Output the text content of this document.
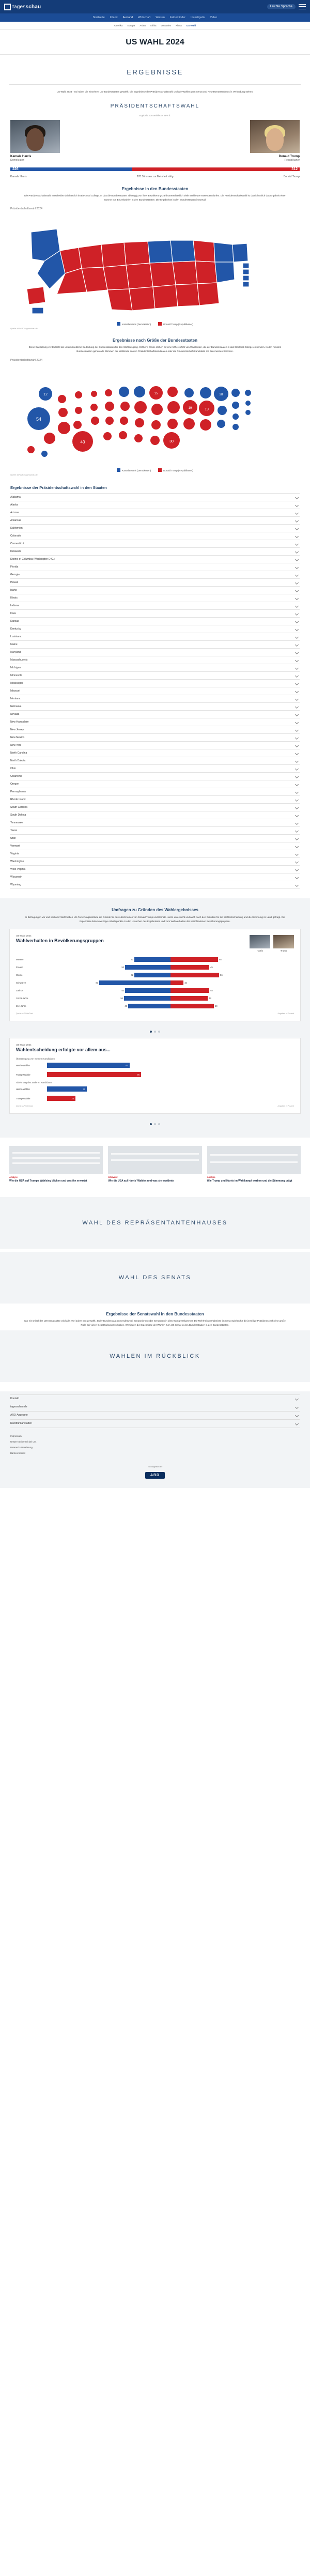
tagesschau	Leichte Sprache
Startseite Inland Ausland Wirtschaft Wissen Faktenfinder Investigativ Video
Amerika Europa Asien Afrika Ozeanien Klima US-Wahl
US WAHL 2024
ERGEBNISSE
US-Wahl 2024 - So haben die einzelnen US-Bundesstaaten gewählt: Die Ergebnisse der Präsidentschaftswahl und wie Wahlen zum Senat und Repräsentantenhaus in Verbindung stehen.
PRÄSIDENTSCHAFTSWAHL
Ergebnis, 538 Wahlleute, 88% d.
Kamala Harris
Demokraten
Donald Trump
Republikaner
226	312
Kamala Harris	270 Stimmen zur Mehrheit nötig	Donald Trump
Ergebnisse in den Bundesstaaten
Die Präsidentschaftswahl entscheidet sich letztlich im Electoral College. In das die Bundesstaaten abhängig von ihrer Bevölkerungszahl unterschiedlich viele Wahlleute entsenden dürfen. Die Präsidentschaftswahl ist damit letztlich das Ergebnis einer Summe von Einzelwahlen in den Bundesstaaten. Die Ergebnisse in den Bundesstaaten im Detail:
Präsidentschaftswahl 2024
Kamala Harris (Demokraten)	Donald Trump (Republikaner)
Quelle: AP/ARD/tagesschau.de
Ergebnisse nach Größe der Bundesstaaten
Diese Darstellung verdeutlicht die unterschiedliche Bedeutung der Bundesstaaten für den Wahlausgang. Größere Kreise stehen für eine höhere Zahl von Wahlleuten, die der Bundesstaaten in das Electoral College entsenden. In den meisten Bundesstaaten gehen alle Stimmen der Wahlleute an den Präsidentschaftskandidaten oder die Präsidentschaftskandidatin mit den meisten Stimmen.
Präsidentschaftswahl 2024
12
54
40
15
30
19	19
28
Kamala Harris (Demokraten)	Donald Trump (Republikaner)
Quelle: AP/ARD/tagesschau.de
Ergebnisse der Präsidentschaftswahl in den Staaten
Alabama
Alaska
Arizona
Arkansas
Kalifornien
Colorado
Connecticut
Delaware
District of Columbia (Washington D.C.)
Florida
Georgia
Hawaii
Idaho
Illinois
Indiana
Iowa
Kansas
Kentucky
Louisiana
Maine
Maryland
Massachusetts
Michigan
Minnesota
Mississippi
Missouri
Montana
Nebraska
Nevada
New Hampshire
New Jersey
New Mexico
New York
North Carolina
North Dakota
Ohio
Oklahoma
Oregon
Pennsylvania
Rhode Island
South Carolina
South Dakota
Tennessee
Texas
Utah
Vermont
Virginia
Washington
West Virginia
Wisconsin
Wyoming
Umfragen zu Gründen des Wahlergebnisses
In Befragungen vor und nach der Wahl haben US-Forschungsinstitute die Gründe für das Abschneiden von Donald Trump und Kamala Harris untersucht und auch nach den Gründen für die Wahlentscheidung und die Stimmung im Land gefragt. Die Ergebnisse liefern wichtige Anhaltspunkte zu den Ursachen des Ergebnisses und zum Wahlverhalten der verschiedenen Bevölkerungsgruppen.
US-Wahl 2024
Wahlverhalten in Bevölkerungsgruppen
Harris	Trump
Männer	42	55
Frauen	53	45
Weiße	42	56
Schwarze	83	15
Latinos	53	45
18-29 Jahre	54	43
65+ Jahre	49	50
Quelle: AP VoteCast	Angaben in Prozent
US-Wahl 2024
Wahlentscheidung erfolgte vor allem aus...
Überzeugung von meinem Kandidaten
Harris-Wähler	67
Trump-Wähler	76
Ablehnung des anderen Kandidaten
Harris-Wähler	32
Trump-Wähler	23
Quelle: AP VoteCast	Angaben in Prozent
Analyse
Wie die USA auf Trumps Wahlsieg blicken und was ihn erwartet
Interview
Wie die USA auf Harris' Wahlen und was sie erwähnte
Analyse
Wie Trump und Harris im Wahlkampf warben und die Stimmung prägt
WAHL DES REPRÄSENTANTENHAUSES
WAHL DES SENATS
Ergebnisse der Senatswahl in den Bundesstaaten
Nur ein Drittel der 100 Senatssitze wird alle zwei Jahre neu gewählt. Jeder Bundesstaat entsendet zwei Senatorinnen oder Senatoren in diese Kongresskammer. Die Mehrheitsverhältnisse im Senat spielen für die jeweilige Präsidentschaft eine große Rolle bei vielen Gesetzgebungsvorhaben. Wer jeden die Ergebnisse der Wahlen zum US-Senat in den Bundesstaaten in den Bundesstaaten.
WAHLEN IM RÜCKBLICK
Kontakt
tagesschau.de
ARD-Angebote
Rundfunkanstalten
Impressum
Unsere Sicherheit bei uns
Datenschutzerklärung
Barrierefreiheit
Ein Angebot der
ARD
